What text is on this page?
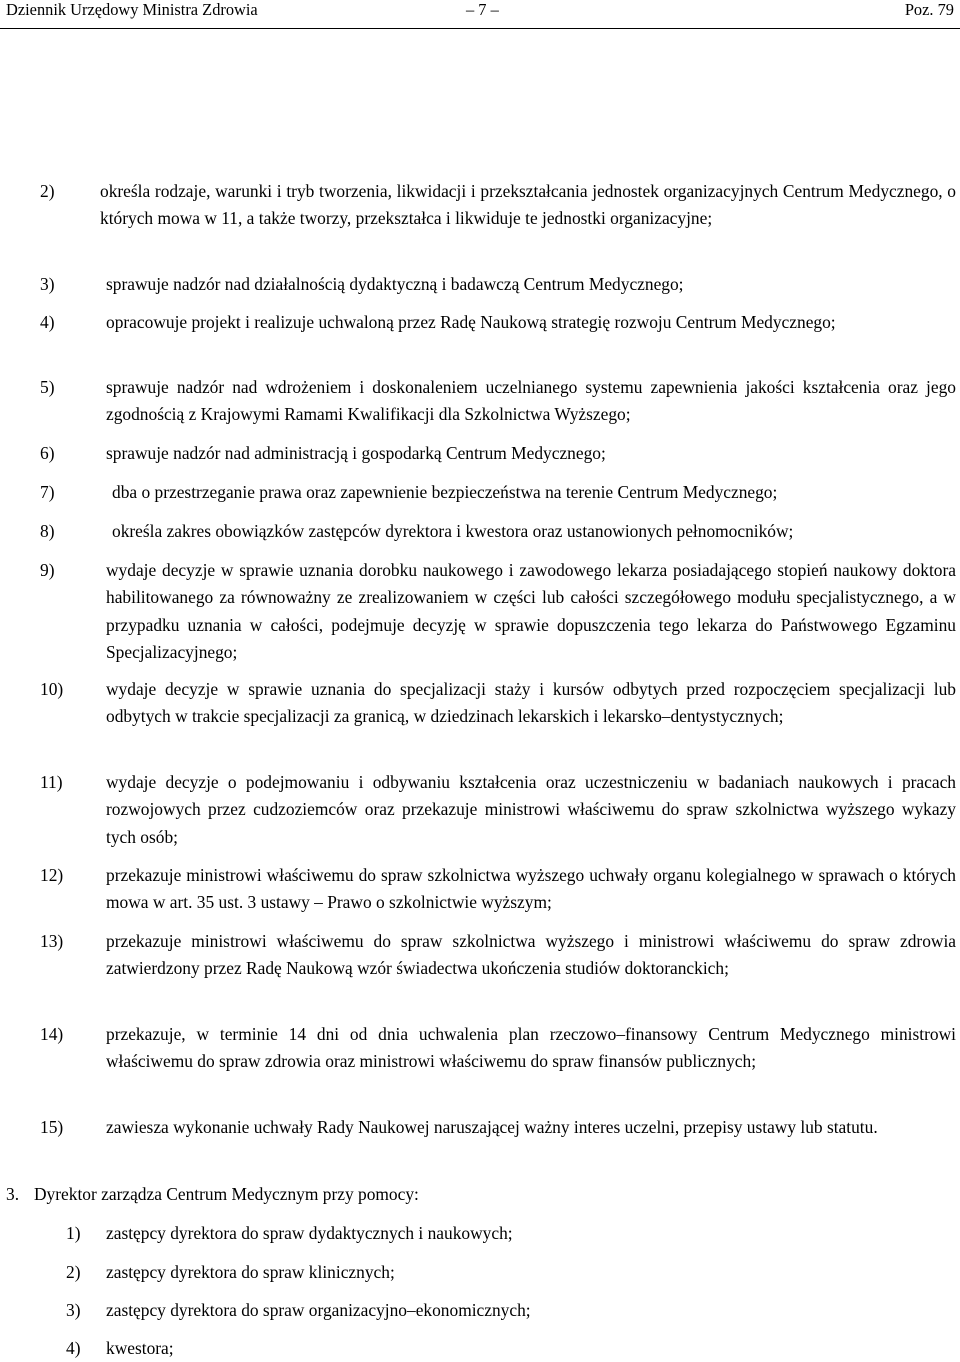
Dziennik Urzędowy Ministra Zdrowia	– 7 –	Poz. 79
2)	określa rodzaje, warunki i tryb tworzenia, likwidacji i przekształcania jednostek organizacyjnych Centrum Medycznego, o których mowa w 11, a także tworzy, przekształca i likwiduje te jednostki organizacyjne;
3)	sprawuje nadzór nad działalnością dydaktyczną i badawczą Centrum Medycznego;
4)	opracowuje projekt i realizuje uchwaloną przez Radę Naukową strategię rozwoju Centrum Medycznego;
5)	sprawuje nadzór nad wdrożeniem i doskonaleniem uczelnianego systemu zapewnienia jakości kształcenia oraz jego zgodnością z Krajowymi Ramami Kwalifikacji dla Szkolnictwa Wyższego;
6)	sprawuje nadzór nad administracją i gospodarką Centrum Medycznego;
7)	dba o przestrzeganie prawa oraz zapewnienie bezpieczeństwa na terenie Centrum Medycznego;
8)	określa zakres obowiązków zastępców dyrektora i kwestora oraz ustanowionych pełnomocników;
9)	wydaje decyzje w sprawie uznania dorobku naukowego i zawodowego lekarza posiadającego stopień naukowy doktora habilitowanego za równoważny ze zrealizowaniem w części lub całości szczegółowego modułu specjalistycznego, a w przypadku uznania w całości, podejmuje decyzję w sprawie dopuszczenia tego lekarza do Państwowego Egzaminu Specjalizacyjnego;
10) wydaje decyzje w sprawie uznania do specjalizacji staży i kursów odbytych przed rozpoczęciem specjalizacji lub odbytych w trakcie specjalizacji za granicą, w dziedzinach lekarskich i lekarsko–dentystycznych;
11) wydaje decyzje o podejmowaniu i odbywaniu kształcenia oraz uczestniczeniu w badaniach naukowych i pracach rozwojowych przez cudzoziemców oraz przekazuje ministrowi właściwemu do spraw szkolnictwa wyższego wykazy tych osób;
12) przekazuje ministrowi właściwemu do spraw szkolnictwa wyższego uchwały organu kolegialnego w sprawach o których mowa w art. 35 ust. 3 ustawy – Prawo o szkolnictwie wyższym;
13) przekazuje ministrowi właściwemu do spraw szkolnictwa wyższego i ministrowi właściwemu do spraw zdrowia zatwierdzony przez Radę Naukową wzór świadectwa ukończenia studiów doktoranckich;
14) przekazuje, w terminie 14 dni od dnia uchwalenia plan rzeczowo–finansowy Centrum Medycznego ministrowi właściwemu do spraw zdrowia oraz ministrowi właściwemu do spraw finansów publicznych;
15) zawiesza wykonanie uchwały Rady Naukowej naruszającej ważny interes uczelni, przepisy ustawy lub statutu.
3. Dyrektor zarządza Centrum Medycznym przy pomocy:
1) zastępcy dyrektora do spraw dydaktycznych i naukowych;
2) zastępcy dyrektora do spraw klinicznych;
3) zastępcy dyrektora do spraw organizacyjno–ekonomicznych;
4) kwestora;
